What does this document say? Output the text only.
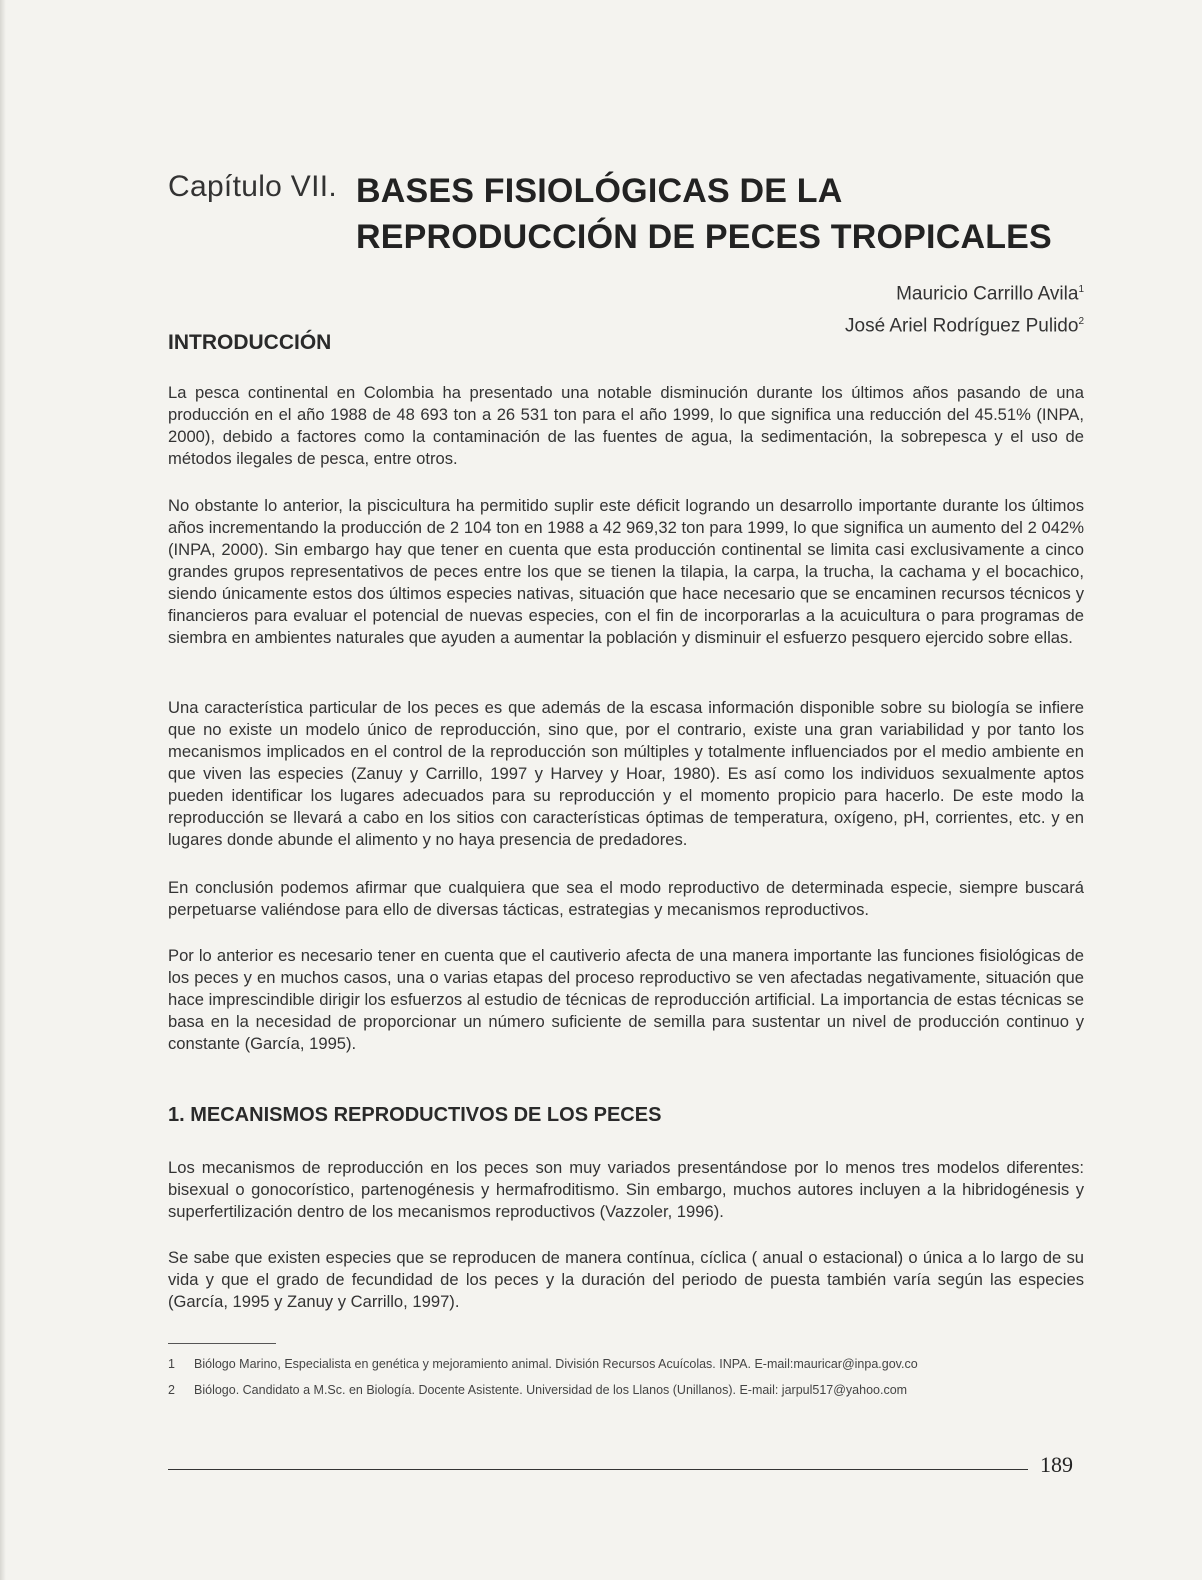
Capítulo VII. BASES FISIOLÓGICAS DE LA
REPRODUCCIÓN DE PECES TROPICALES
Mauricio Carrillo Avila$^1$
José Ariel Rodríguez Pulido$^2$
INTRODUCCIÓN
La pesca continental en Colombia ha presentado una notable disminución durante los últimos años pasando de una producción en el año 1988 de 48 693 ton a 26 531 ton para el año 1999, lo que significa una reducción del 45.51% (INPA, 2000), debido a factores como la contaminación de las fuentes de agua, la sedimentación, la sobrepesca y el uso de métodos ilegales de pesca, entre otros.
No obstante lo anterior, la piscicultura ha permitido suplir este déficit logrando un desarrollo importante durante los últimos años incrementando la producción de 2 104 ton en 1988 a 42 969,32 ton para 1999, lo que significa un aumento del 2 042% (INPA, 2000). Sin embargo hay que tener en cuenta que esta producción continental se limita casi exclusivamente a cinco grandes grupos representativos de peces entre los que se tienen la tilapia, la carpa, la trucha, la cachama y el bocachico, siendo únicamente estos dos últimos especies nativas, situación que hace necesario que se encaminen recursos técnicos y financieros para evaluar el potencial de nuevas especies, con el fin de incorporarlas a la acuicultura o para programas de siembra en ambientes naturales que ayuden a aumentar la población y disminuir el esfuerzo pesquero ejercido sobre ellas.
Una característica particular de los peces es que además de la escasa información disponible sobre su biología se infiere que no existe un modelo único de reproducción, sino que, por el contrario, existe una gran variabilidad y por tanto los mecanismos implicados en el control de la reproducción son múltiples y totalmente influenciados por el medio ambiente en que viven las especies (Zanuy y Carrillo, 1997 y Harvey y Hoar, 1980). Es así como los individuos sexualmente aptos pueden identificar los lugares adecuados para su reproducción y el momento propicio para hacerlo. De este modo la reproducción se llevará a cabo en los sitios con características óptimas de temperatura, oxígeno, pH, corrientes, etc. y en lugares donde abunde el alimento y no haya presencia de predadores.
En conclusión podemos afirmar que cualquiera que sea el modo reproductivo de determinada especie, siempre buscará perpetuarse valiéndose para ello de diversas tácticas, estrategias y mecanismos reproductivos.
Por lo anterior es necesario tener en cuenta que el cautiverio afecta de una manera importante las funciones fisiológicas de los peces y en muchos casos, una o varias etapas del proceso reproductivo se ven afectadas negativamente, situación que hace imprescindible dirigir los esfuerzos al estudio de técnicas de reproducción artificial. La importancia de estas técnicas se basa en la necesidad de proporcionar un número suficiente de semilla para sustentar un nivel de producción continuo y constante (García, 1995).
1. MECANISMOS REPRODUCTIVOS DE LOS PECES
Los mecanismos de reproducción en los peces son muy variados presentándose por lo menos tres modelos diferentes: bisexual o gonocorístico, partenogénesis y hermafroditismo. Sin embargo, muchos autores incluyen a la hibridogénesis y superfertilización dentro de los mecanismos reproductivos (Vazzoler, 1996).
Se sabe que existen especies que se reproducen de manera contínua, cíclica ( anual o estacional) o única a lo largo de su vida y que el grado de fecundidad de los peces y la duración del periodo de puesta también varía según las especies (García, 1995 y Zanuy y Carrillo, 1997).
1 Biólogo Marino, Especialista en genética y mejoramiento animal. División Recursos Acuícolas. INPA. E-mail:mauricar@inpa.gov.co
2 Biólogo. Candidato a M.Sc. en Biología. Docente Asistente. Universidad de los Llanos (Unillanos). E-mail: jarpul517@yahoo.com
189
